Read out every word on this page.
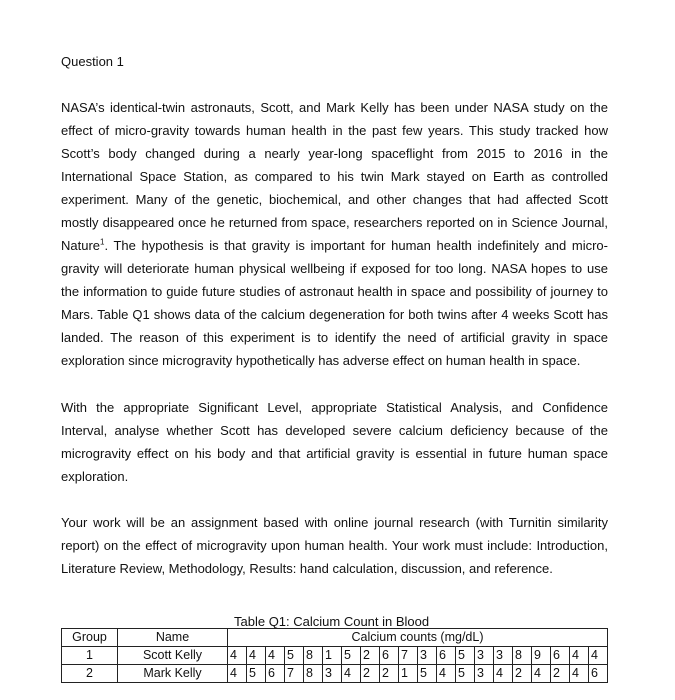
Question 1

NASA’s identical-twin astronauts, Scott, and Mark Kelly has been under NASA study on the effect of micro-gravity towards human health in the past few years. This study tracked how Scott’s body changed during a nearly year-long spaceflight from 2015 to 2016 in the International Space Station, as compared to his twin Mark stayed on Earth as controlled experiment. Many of the genetic, biochemical, and other changes that had affected Scott mostly disappeared once he returned from space, researchers reported on in Science Journal, Nature$^1$. The hypothesis is that gravity is important for human health indefinitely and micro-gravity will deteriorate human physical wellbeing if exposed for too long. NASA hopes to use the information to guide future studies of astronaut health in space and possibility of journey to Mars. Table Q1 shows data of the calcium degeneration for both twins after 4 weeks Scott has landed. The reason of this experiment is to identify the need of artificial gravity in space exploration since microgravity hypothetically has adverse effect on human health in space.

With the appropriate Significant Level, appropriate Statistical Analysis, and Confidence Interval, analyse whether Scott has developed severe calcium deficiency because of the microgravity effect on his body and that artificial gravity is essential in future human space exploration.

Your work will be an assignment based with online journal research (with Turnitin similarity report) on the effect of microgravity upon human health. Your work must include: Introduction, Literature Review, Methodology, Results: hand calculation, discussion, and reference.

Table Q1: Calcium Count in Blood
Group	Name	Calcium counts (mg/dL)																			
1	Scott Kelly	4	4	4	5	8	1	5	2	6	7	3	6	5	3	3	8	9	6	4	4
2	Mark Kelly	4	5	6	7	8	3	4	2	2	1	5	4	5	3	4	2	4	2	4	6
